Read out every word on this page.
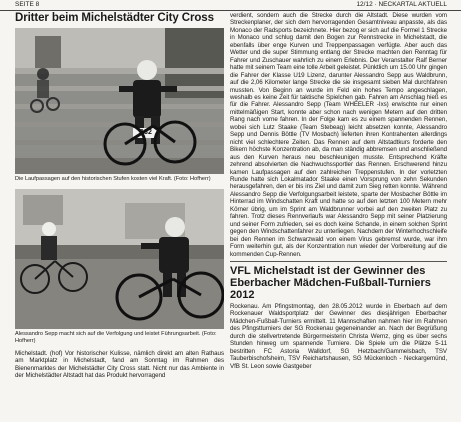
SEITE 8	12/12 · NECKARTAL AKTUELL
Dritter beim Michelstädter City Cross
132

Die Laufpassagen auf den historischen Stufen kosten viel Kraft. (Foto: Hofherr)

Alessandro Sepp macht sich auf die Verfolgung und leistet Führungsarbeit. (Foto: Hofherr)

Michelstadt. (hof) Vor historischer Kulisse, nämlich direkt am alten Rathaus am Marktplatz in Michelstadt, fand am Sonntag im Rahmen des Bienenmarktes der Michelstädter City Cross statt. Nicht nur das Ambiente in der Michelstädter Altstadt hat das Produkt hervorragend

verdient, sondern auch die Strecke durch die Altstadt. Diese wurden vom Streckenplaner, der sich dem hervorragenden Gesamtniveau anpasste, als das Monaco der Radsports bezeichnete. Hier bezog er sich auf die Formel 1 Strecke in Monaco und schlug damit den Bogen zur Rennstrecke in Michelstadt, die ebenfalls über enge Kurven und Treppenpassagen verfügte. Aber auch das Wetter und die super Stimmung entlang der Strecke machten den Renntag für Fahrer und Zuschauer wahrlich zu einem Erlebnis. Der Veranstalter Ralf Berner hatte mit seinem Team eine tolle Arbeit geleistet. Pünktlich um 15.00 Uhr gingen die Fahrer der Klasse U19 Lizenz, darunter Alessandro Sepp aus Waldbrunn, auf die 2,06 Kilometer lange Strecke die sie insgesamt sieben Mal durchfahren mussten. Von Beginn an wurde im Feld ein hohes Tempo angeschlagen, weshalb es keine Zeit für taktische Spielchen gab. Fahren am Anschlag hieß es für die Fahrer. Alessandro Sepp (Team WHEELER -Ixs) erwischte nur einen mittelmäßigen Start, konnte aber schon nach wenigen Metern auf den dritten Rang nach vorne fahren. In der Folge kam es zu einem spannenden Rennen, wobei sich Lutz Staake (Team Stebeag) leicht absetzen konnte, Alessandro Sepp und Dennis Böttle (TV Mosbach) lieferten ihren Kontrahenten allerdings nicht viel schlechtere Zeiten. Das Rennen auf dem Altstadtkurs forderte den Bikern höchste Konzentration ab, da man ständig abbremsen und anschließend aus den Kurven heraus neu beschleunigen musste. Entsprechend Kräfte zehrend absolvierten die Nachwuchssportler das Rennen. Erschwerend hinzu kamen Laufpassagen auf den zahlreichen Treppenstufen. In der vorletzten Runde hatte sich Lokalmatador Staake einen Vorsprung von zehn Sekunden herausgefahren, den er bis ins Ziel und damit zum Sieg retten konnte. Während Alessandro Sepp die Verfolgungsarbeit leistete, sparte der Mosbacher Böttle im Hinterrad im Windschatten Kraft und hatte so auf den letzten 100 Metern mehr Körner übrig, um im Sprint am Waldbrunner vorbei auf den zweiten Platz zu fahren. Trotz dieses Rennverlaufs war Alessandro Sepp mit seiner Platzierung und seiner Form zufrieden, sei es doch keine Schande, in einem solchen Sprint gegen den Windschattenfahrer zu unterliegen. Nachdem der Winterhochschleife bei den Rennen im Schwarzwald von einem Virus gebremst wurde, war ihm Form weiterhin gut, als der Konzentration nun wieder der Vorbereitung auf die kommenden Cup-Rennen.

VFL Michelstadt ist der Gewinner des Eberbacher Mädchen-Fußball-Turniers 2012

Rockenau. Am Pfingstmontag, den 28.05.2012 wurde in Eberbach auf dem Rockenauer Waldsportplatz der Gewinner des diesjährigen Eberbacher Mädchen-Fußball-Turniers ermittelt. 11 Mannschaften nahmen hier im Rahmen des Pfingstturniers der SG Rockenau gegeneinander an. Nach der Begrüßung durch die stellvertretende Bürgermeisterin Christa Wernz, ging es über sechs Stunden hinweg um spannende Turniere. Die Spiele um die Plätze 5-11 bestritten FC Astoria Walldorf, SG Hetzbach/Gammelsbach, TSV Tauberbischofsheim, TSV Reichartshausen, SG Mückenloch - Neckargemünd, VfB St. Leon sowie Gastgeber
